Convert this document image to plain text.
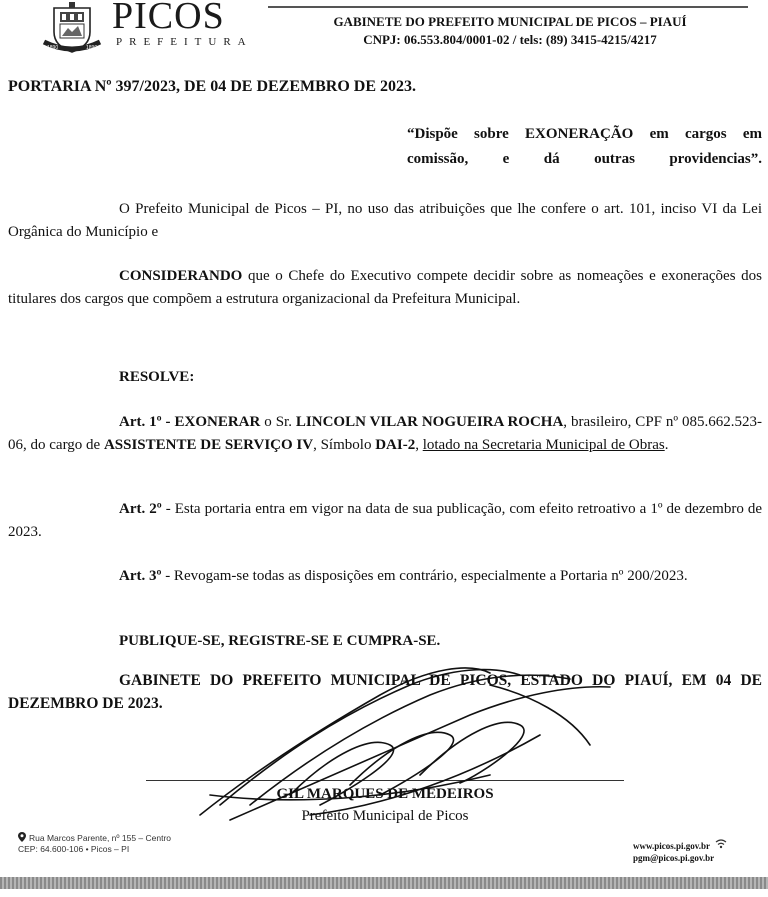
1890	1890
PICOS
PREFEITURA
GABINETE DO PREFEITO MUNICIPAL DE PICOS – PIAUÍ
CNPJ: 06.553.804/0001-02 / tels: (89) 3415-4215/4217
PORTARIA Nº 397/2023, DE 04 DE DEZEMBRO DE 2023.
“Dispõe sobre EXONERAÇÃO em cargos em comissão, e dá outras providencias”.
O Prefeito Municipal de Picos – PI, no uso das atribuições que lhe confere o art. 101, inciso VI da Lei Orgânica do Município e
CONSIDERANDO que o Chefe do Executivo compete decidir sobre as nomeações e exonerações dos titulares dos cargos que compõem a estrutura organizacional da Prefeitura Municipal.
RESOLVE:
Art. 1º - EXONERAR o Sr. LINCOLN VILAR NOGUEIRA ROCHA, brasileiro, CPF nº 085.662.523-06, do cargo de ASSISTENTE DE SERVIÇO IV, Símbolo DAI-2, lotado na Secretaria Municipal de Obras.
Art. 2º - Esta portaria entra em vigor na data de sua publicação, com efeito retroativo a 1º de dezembro de 2023.
Art. 3º - Revogam-se todas as disposições em contrário, especialmente a Portaria nº 200/2023.
PUBLIQUE-SE, REGISTRE-SE E CUMPRA-SE.
GABINETE DO PREFEITO MUNICIPAL DE PICOS, ESTADO DO PIAUÍ, EM 04 DE DEZEMBRO DE 2023.
GIL MARQUES DE MEDEIROS
Prefeito Municipal de Picos
Rua Marcos Parente, nº 155 – Centro
CEP: 64.600-106 • Picos – PI	www.picos.pi.gov.br
pgm@picos.pi.gov.br
